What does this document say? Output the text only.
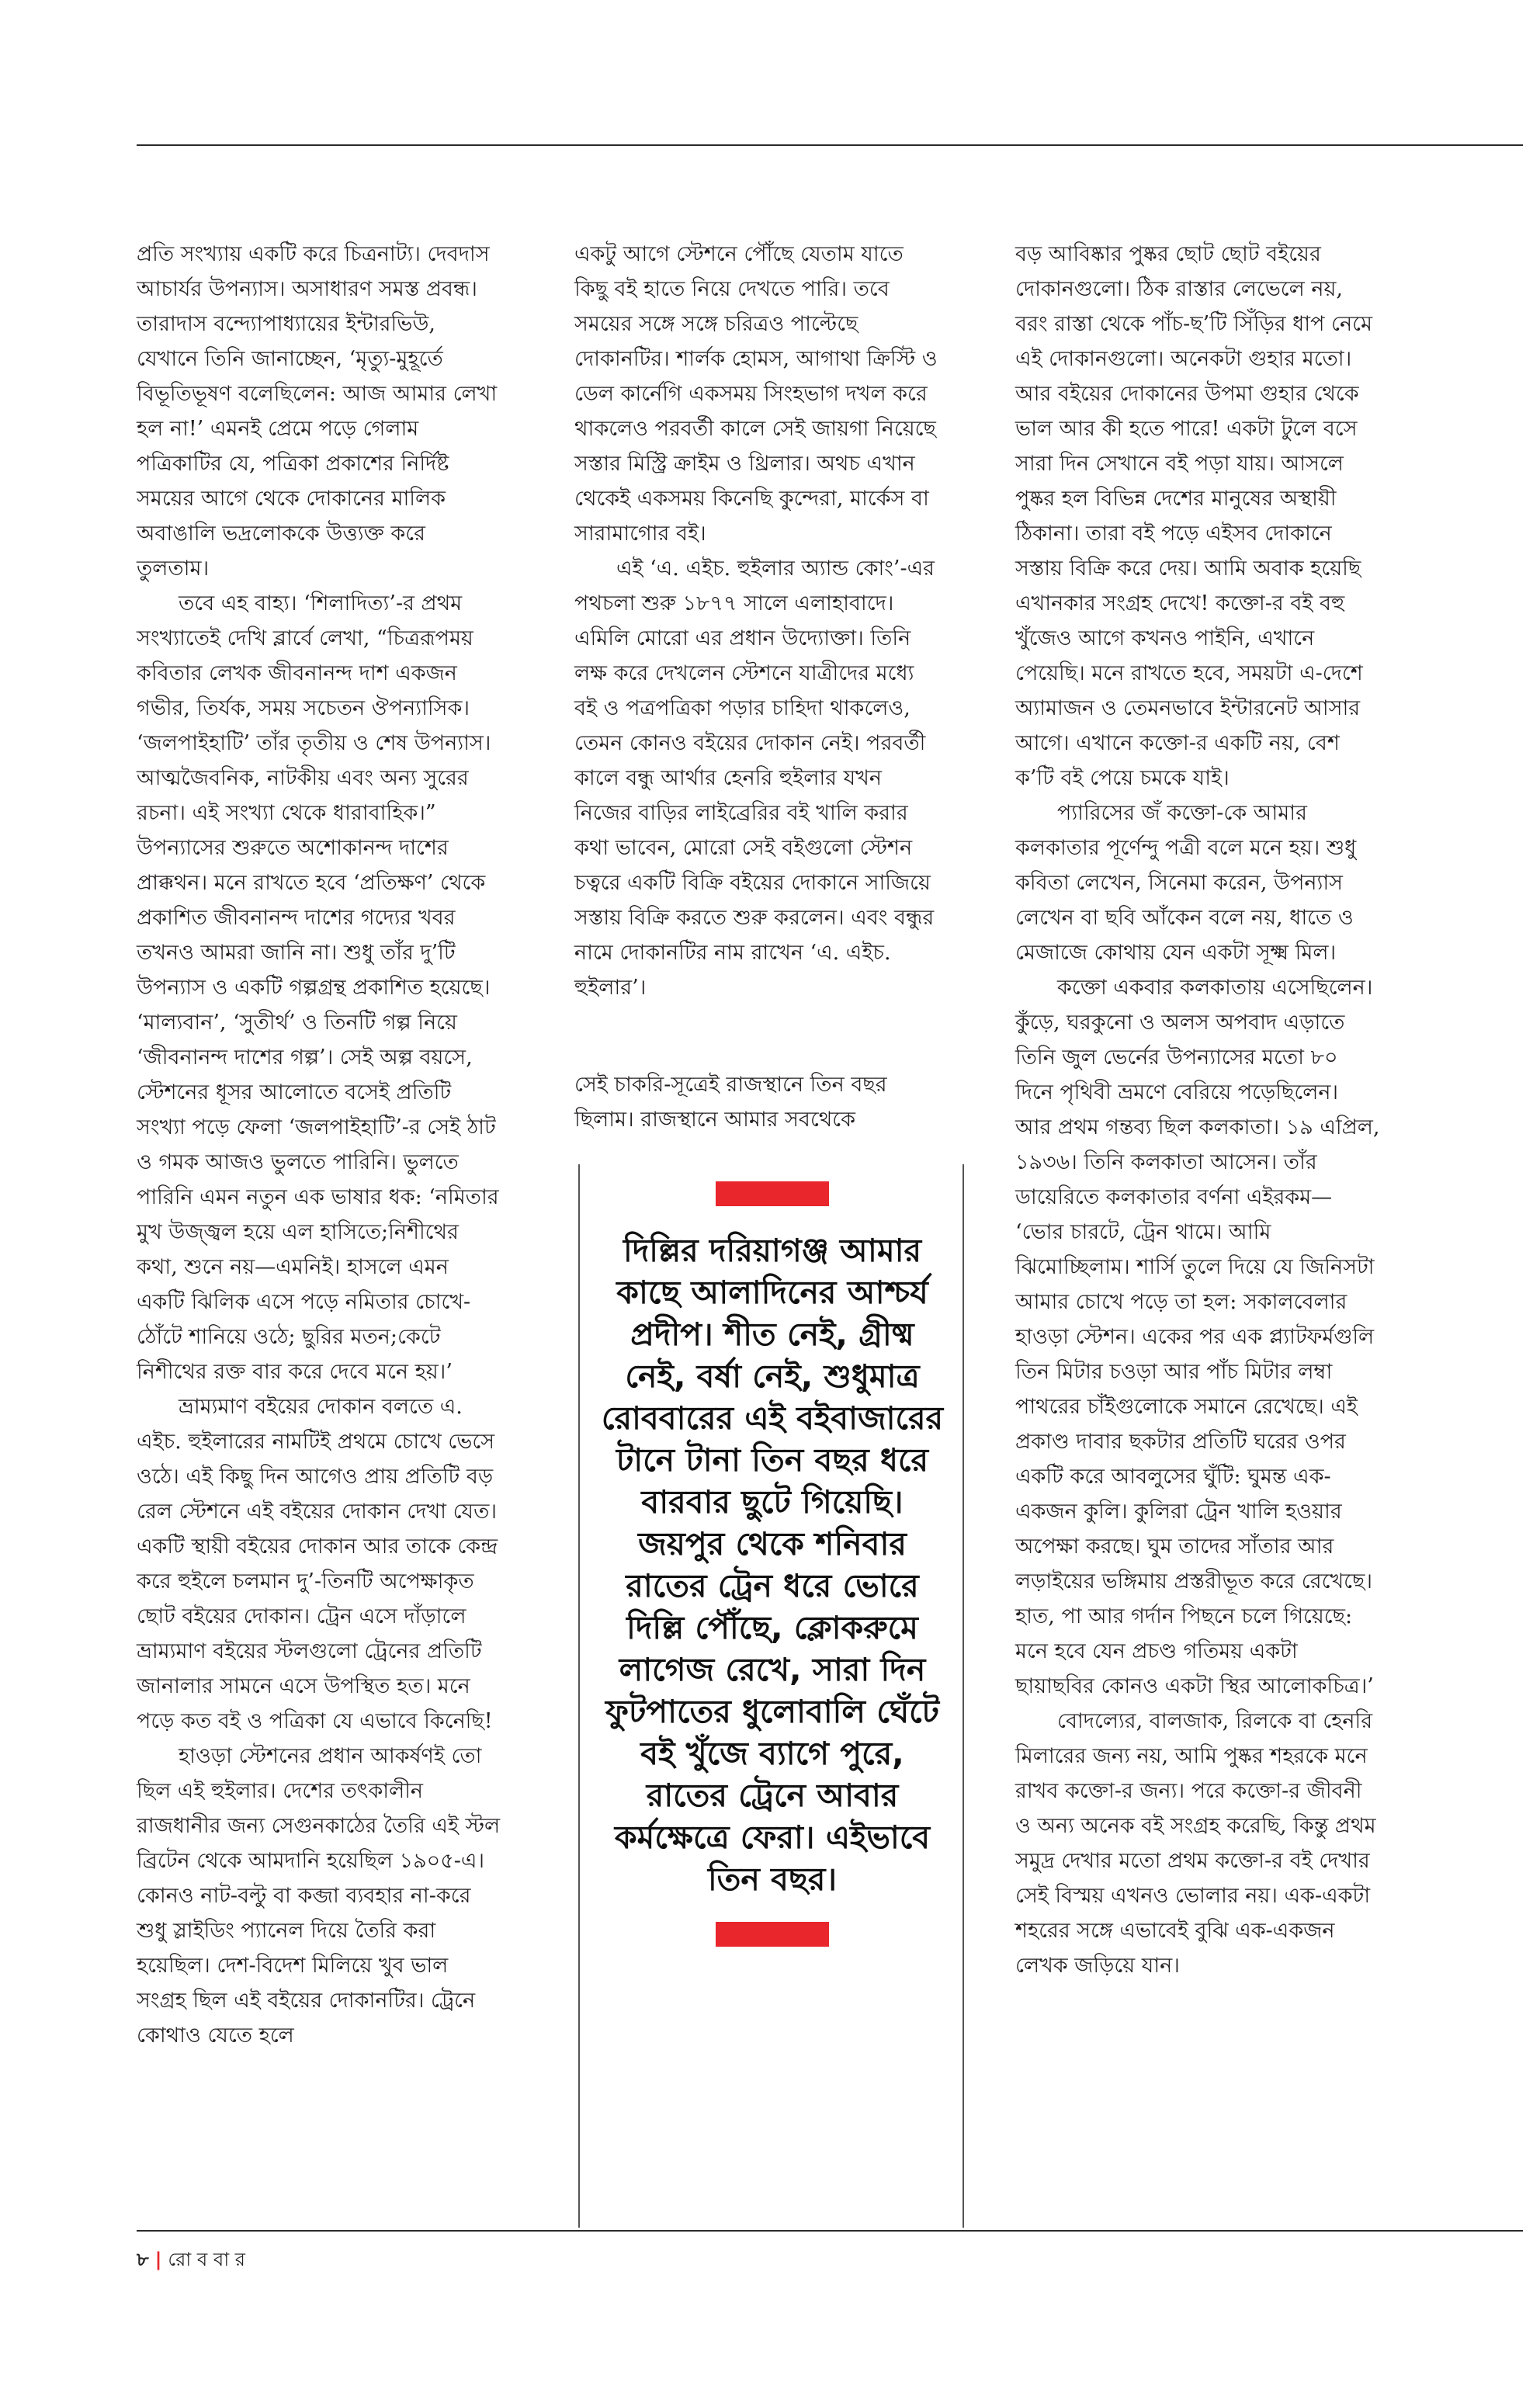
প্রতি সংখ্যায় একটি করে চিত্রনাট্য। দেবদাস আচার্যর উপন্যাস। অসাধারণ সমস্ত প্রবন্ধ। তারাদাস বন্দ্যোপাধ্যায়ের ইন্টারভিউ, যেখানে তিনি জানাচ্ছেন, ‘মৃত্যু-মুহূর্তে বিভূতিভূষণ বলেছিলেন: আজ আমার লেখা হল না!’ এমনই প্রেমে পড়ে গেলাম পত্রিকাটির যে, পত্রিকা প্রকাশের নির্দিষ্ট সময়ের আগে থেকে দোকানের মালিক অবাঙালি ভদ্রলোককে উত্ত্যক্ত করে তুলতাম।

তবে এহ বাহ্য। ‘শিলাদিত্য’-র প্রথম সংখ্যাতেই দেখি ব্লার্বে লেখা, “চিত্ররূপময় কবিতার লেখক জীবনানন্দ দাশ একজন গভীর, তির্যক, সময় সচেতন ঔপন্যাসিক। ‘জলপাইহাটি’ তাঁর তৃতীয় ও শেষ উপন্যাস। আত্মজৈবনিক, নাটকীয় এবং অন্য সুরের রচনা। এই সংখ্যা থেকে ধারাবাহিক।” উপন্যাসের শুরুতে অশোকানন্দ দাশের প্রাক্কথন। মনে রাখতে হবে ‘প্রতিক্ষণ’ থেকে প্রকাশিত জীবনানন্দ দাশের গদ্যের খবর তখনও আমরা জানি না। শুধু তাঁর দু’টি উপন্যাস ও একটি গল্পগ্রন্থ প্রকাশিত হয়েছে। ‘মাল্যবান’, ‘সুতীর্থ’ ও তিনটি গল্প নিয়ে ‘জীবনানন্দ দাশের গল্প’। সেই অল্প বয়সে, স্টেশনের ধূসর আলোতে বসেই প্রতিটি সংখ্যা পড়ে ফেলা ‘জলপাইহাটি’-র সেই ঠাট ও গমক আজও ভুলতে পারিনি। ভুলতে পারিনি এমন নতুন এক ভাষার ধক: ‘নমিতার মুখ উজ্জ্বল হয়ে এল হাসিতে;নিশীথের কথা, শুনে নয়—এমনিই। হাসলে এমন একটি ঝিলিক এসে পড়ে নমিতার চোখে-ঠোঁটে শানিয়ে ওঠে; ছুরির মতন;কেটে নিশীথের রক্ত বার করে দেবে মনে হয়।’

ভ্রাম্যমাণ বইয়ের দোকান বলতে এ. এইচ. হুইলারের নামটিই প্রথমে চোখে ভেসে ওঠে। এই কিছু দিন আগেও প্রায় প্রতিটি বড় রেল স্টেশনে এই বইয়ের দোকান দেখা যেত। একটি স্থায়ী বইয়ের দোকান আর তাকে কেন্দ্র করে হুইলে চলমান দু’-তিনটি অপেক্ষাকৃত ছোট বইয়ের দোকান। ট্রেন এসে দাঁড়ালে ভ্রাম্যমাণ বইয়ের স্টলগুলো ট্রেনের প্রতিটি জানালার সামনে এসে উপস্থিত হত। মনে পড়ে কত বই ও পত্রিকা যে এভাবে কিনেছি!

হাওড়া স্টেশনের প্রধান আকর্ষণই তো ছিল এই হুইলার। দেশের তৎকালীন রাজধানীর জন্য সেগুনকাঠের তৈরি এই স্টল ব্রিটেন থেকে আমদানি হয়েছিল ১৯০৫-এ। কোনও নাট-বল্টু বা কব্জা ব্যবহার না-করে শুধু স্লাইডিং প্যানেল দিয়ে তৈরি করা হয়েছিল। দেশ-বিদেশ মিলিয়ে খুব ভাল সংগ্রহ ছিল এই বইয়ের দোকানটির। ট্রেনে কোথাও যেতে হলে

একটু আগে স্টেশনে পৌঁছে যেতাম যাতে কিছু বই হাতে নিয়ে দেখতে পারি। তবে সময়ের সঙ্গে সঙ্গে চরিত্রও পাল্টেছে দোকানটির। শার্লক হোমস, আগাথা ক্রিস্টি ও ডেল কার্নেগি একসময় সিংহভাগ দখল করে থাকলেও পরবর্তী কালে সেই জায়গা নিয়েছে সস্তার মিস্ট্রি ক্রাইম ও থ্রিলার। অথচ এখান থেকেই একসময় কিনেছি কুন্দেরা, মার্কেস বা সারামাগোর বই।

এই ‘এ. এইচ. হুইলার অ্যান্ড কোং’-এর পথচলা শুরু ১৮৭৭ সালে এলাহাবাদে। এমিলি মোরো এর প্রধান উদ্যোক্তা। তিনি লক্ষ করে দেখলেন স্টেশনে যাত্রীদের মধ্যে বই ও পত্রপত্রিকা পড়ার চাহিদা থাকলেও, তেমন কোনও বইয়ের দোকান নেই। পরবর্তী কালে বন্ধু আর্থার হেনরি হুইলার যখন নিজের বাড়ির লাইব্রেরির বই খালি করার কথা ভাবেন, মোরো সেই বইগুলো স্টেশন চত্বরে একটি বিক্রি বইয়ের দোকানে সাজিয়ে সস্তায় বিক্রি করতে শুরু করলেন। এবং বন্ধুর নামে দোকানটির নাম রাখেন ‘এ. এইচ. হুইলার’।

সেই চাকরি-সূত্রেই রাজস্থানে তিন বছর ছিলাম। রাজস্থানে আমার সবথেকে

দিল্লির দরিয়াগঞ্জ আমার কাছে আলাদিনের আশ্চর্য প্রদীপ। শীত নেই, গ্রীষ্ম নেই, বর্ষা নেই, শুধুমাত্র রোববারের এই বইবাজারের টানে টানা তিন বছর ধরে বারবার ছুটে গিয়েছি। জয়পুর থেকে শনিবার রাতের ট্রেন ধরে ভোরে দিল্লি পৌঁছে, ক্লোকরুমে লাগেজ রেখে, সারা দিন ফুটপাতের ধুলোবালি ঘেঁটে বই খুঁজে ব্যাগে পুরে, রাতের ট্রেনে আবার কর্মক্ষেত্রে ফেরা। এইভাবে তিন বছর।

বড় আবিষ্কার পুষ্কর ছোট ছোট বইয়ের দোকানগুলো। ঠিক রাস্তার লেভেলে নয়, বরং রাস্তা থেকে পাঁচ-ছ’টি সিঁড়ির ধাপ নেমে এই দোকানগুলো। অনেকটা গুহার মতো। আর বইয়ের দোকানের উপমা গুহার থেকে ভাল আর কী হতে পারে! একটা টুলে বসে সারা দিন সেখানে বই পড়া যায়। আসলে পুষ্কর হল বিভিন্ন দেশের মানুষের অস্থায়ী ঠিকানা। তারা বই পড়ে এইসব দোকানে সস্তায় বিক্রি করে দেয়। আমি অবাক হয়েছি এখানকার সংগ্রহ দেখে! কক্তো-র বই বহু খুঁজেও আগে কখনও পাইনি, এখানে পেয়েছি। মনে রাখতে হবে, সময়টা এ-দেশে অ্যামাজন ও তেমনভাবে ইন্টারনেট আসার আগে। এখানে কক্তো-র একটি নয়, বেশ ক’টি বই পেয়ে চমকে যাই।

প্যারিসের জঁ কক্তো-কে আমার কলকাতার পূর্ণেন্দু পত্রী বলে মনে হয়। শুধু কবিতা লেখেন, সিনেমা করেন, উপন্যাস লেখেন বা ছবি আঁকেন বলে নয়, ধাতে ও মেজাজে কোথায় যেন একটা সূক্ষ্ম মিল।

কক্তো একবার কলকাতায় এসেছিলেন। কুঁড়ে, ঘরকুনো ও অলস অপবাদ এড়াতে তিনি জুল ভের্নের উপন্যাসের মতো ৮০ দিনে পৃথিবী ভ্রমণে বেরিয়ে পড়েছিলেন। আর প্রথম গন্তব্য ছিল কলকাতা। ১৯ এপ্রিল, ১৯৩৬। তিনি কলকাতা আসেন। তাঁর ডায়েরিতে কলকাতার বর্ণনা এইরকম— ‘ভোর চারটে, ট্রেন থামে। আমি ঝিমোচ্ছিলাম। শার্সি তুলে দিয়ে যে জিনিসটা আমার চোখে পড়ে তা হল: সকালবেলার হাওড়া স্টেশন। একের পর এক প্ল্যাটফর্মগুলি তিন মিটার চওড়া আর পাঁচ মিটার লম্বা পাথরের চাঁইগুলোকে সমানে রেখেছে। এই প্রকাণ্ড দাবার ছকটার প্রতিটি ঘরের ওপর একটি করে আবলুসের ঘুঁটি: ঘুমন্ত এক-একজন কুলি। কুলিরা ট্রেন খালি হওয়ার অপেক্ষা করছে। ঘুম তাদের সাঁতার আর লড়াইয়ের ভঙ্গিমায় প্রস্তরীভূত করে রেখেছে। হাত, পা আর গর্দান পিছনে চলে গিয়েছে: মনে হবে যেন প্রচণ্ড গতিময় একটা ছায়াছবির কোনও একটা স্থির আলোকচিত্র।’

বোদল্যের, বালজাক, রিলকে বা হেনরি মিলারের জন্য নয়, আমি পুষ্কর শহরকে মনে রাখব কক্তো-র জন্য। পরে কক্তো-র জীবনী ও অন্য অনেক বই সংগ্রহ করেছি, কিন্তু প্রথম সমুদ্র দেখার মতো প্রথম কক্তো-র বই দেখার সেই বিস্ময় এখনও ভোলার নয়। এক-একটা শহরের সঙ্গে এভাবেই বুঝি এক-একজন লেখক জড়িয়ে যান।

৮ | রো ব বা র
